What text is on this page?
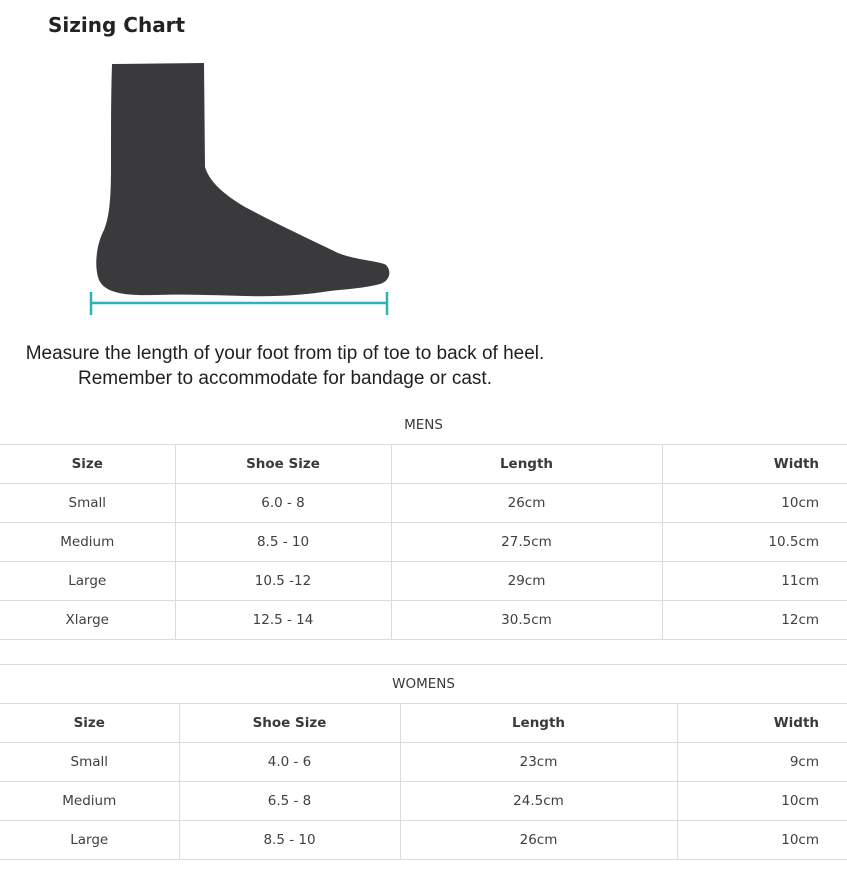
Sizing Chart
Measure the length of your foot from tip of toe to back of heel.
Remember to accommodate for bandage or cast.
MENS			
Size	Shoe Size	Length	Width
Small	6.0 - 8	26cm	10cm
Medium	8.5 - 10	27.5cm	10.5cm
Large	10.5 -12	29cm	11cm
Xlarge	12.5 - 14	30.5cm	12cm
WOMENS			
Size	Shoe Size	Length	Width
Small	4.0 - 6	23cm	9cm
Medium	6.5 - 8	24.5cm	10cm
Large	8.5 - 10	26cm	10cm
